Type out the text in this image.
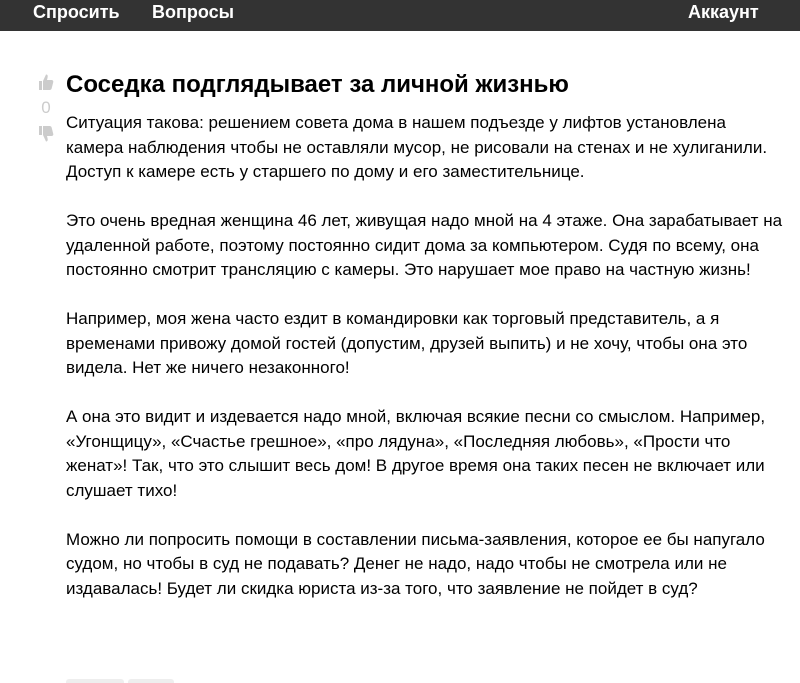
Спросить Вопросы	Аккаунт
0
Соседка подглядывает за личной жизнью

Ситуация такова: решением совета дома в нашем подъезде у лифтов установлена камера наблюдения чтобы не оставляли мусор, не рисовали на стенах и не хулиганили. Доступ к камере есть у старшего по дому и его заместительнице.

Это очень вредная женщина 46 лет, живущая надо мной на 4 этаже. Она зарабатывает на удаленной работе, поэтому постоянно сидит дома за компьютером. Судя по всему, она постоянно смотрит трансляцию с камеры. Это нарушает мое право на частную жизнь!

Например, моя жена часто ездит в командировки как торговый представитель, а я временами привожу домой гостей (допустим, друзей выпить) и не хочу, чтобы она это видела. Нет же ничего незаконного!

А она это видит и издевается надо мной, включая всякие песни со смыслом. Например, «Угонщицу», «Счастье грешное», «про лядуна», «Последняя любовь», «Прости что женат»! Так, что это слышит весь дом! В другое время она таких песен не включает или слушает тихо!

Можно ли попросить помощи в составлении письма-заявления, которое ее бы напугало судом, но чтобы в суд не подавать? Денег не надо, надо чтобы не смотрела или не издавалась! Будет ли скидка юриста из-за того, что заявление не пойдет в суд?
